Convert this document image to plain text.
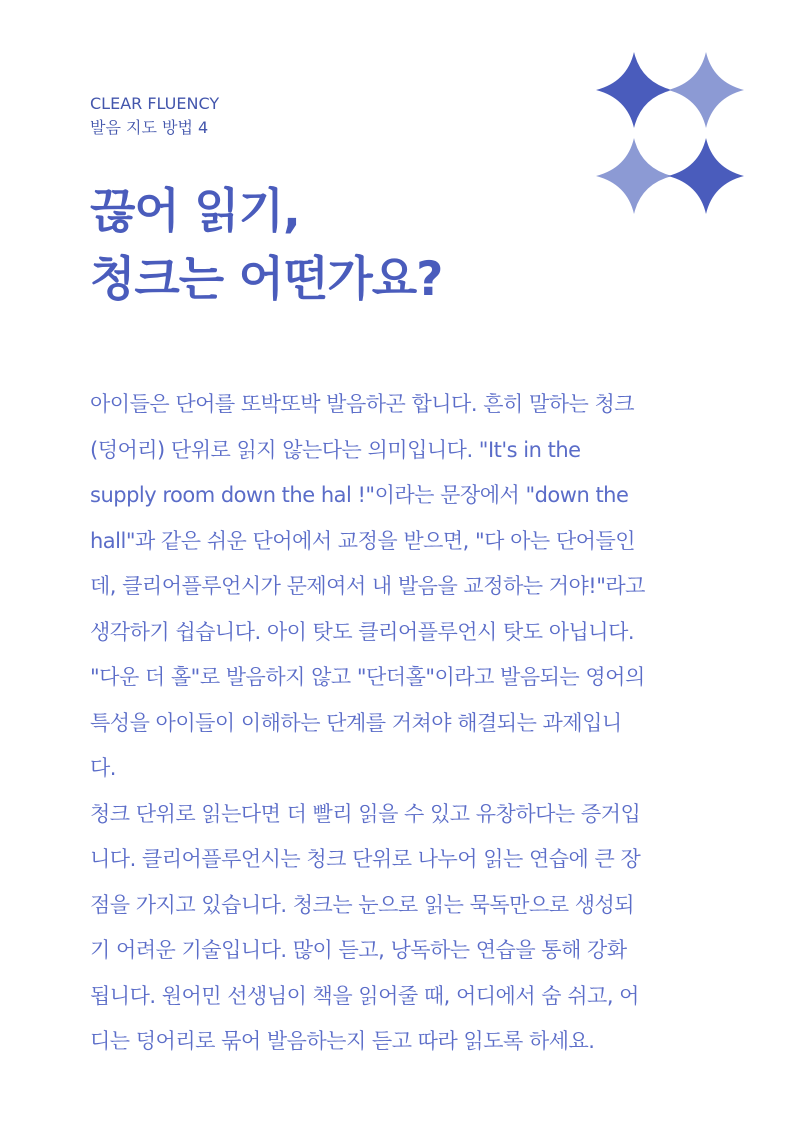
CLEAR FLUENCY
발음 지도 방법 4
끊어 읽기,
청크는 어떤가요?

아이들은 단어를 또박또박 발음하곤 합니다. 흔히 말하는 청크

(덩어리) 단위로 읽지 않는다는 의미입니다. "It's in the

supply room down the hal !"이라는 문장에서 "down the

hall"과 같은 쉬운 단어에서 교정을 받으면, "다 아는 단어들인

데, 클리어플루언시가 문제여서 내 발음을 교정하는 거야!"라고

생각하기 쉽습니다. 아이 탓도 클리어플루언시 탓도 아닙니다.

"다운 더 홀"로 발음하지 않고 "단더홀"이라고 발음되는 영어의

특성을 아이들이 이해하는 단계를 거쳐야 해결되는 과제입니

다.

청크 단위로 읽는다면 더 빨리 읽을 수 있고 유창하다는 증거입

니다. 클리어플루언시는 청크 단위로 나누어 읽는 연습에 큰 장

점을 가지고 있습니다. 청크는 눈으로 읽는 묵독만으로 생성되

기 어려운 기술입니다. 많이 듣고, 낭독하는 연습을 통해 강화

됩니다. 원어민 선생님이 책을 읽어줄 때, 어디에서 숨 쉬고, 어

디는 덩어리로 묶어 발음하는지 듣고 따라 읽도록 하세요.
